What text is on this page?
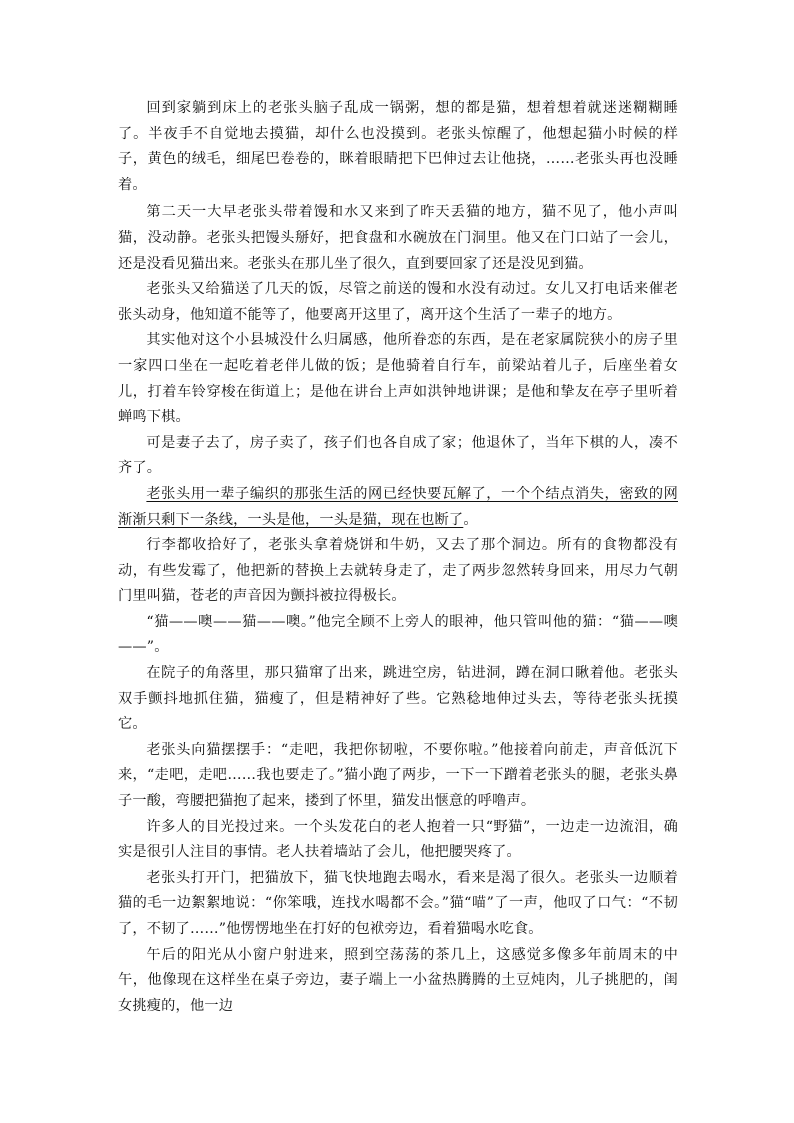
回到家躺到床上的老张头脑子乱成一锅粥，想的都是猫，想着想着就迷迷糊糊睡了。半夜手不自觉地去摸猫，却什么也没摸到。老张头惊醒了，他想起猫小时候的样子，黄色的绒毛，细尾巴卷卷的，眯着眼睛把下巴伸过去让他挠，……老张头再也没睡着。

第二天一大早老张头带着馒和水又来到了昨天丢猫的地方，猫不见了，他小声叫猫，没动静。老张头把馒头掰好，把食盘和水碗放在门洞里。他又在门口站了一会儿，还是没看见猫出来。老张头在那儿坐了很久，直到要回家了还是没见到猫。

老张头又给猫送了几天的饭，尽管之前送的馒和水没有动过。女儿又打电话来催老张头动身，他知道不能等了，他要离开这里了，离开这个生活了一辈子的地方。

其实他对这个小县城没什么归属感，他所眷恋的东西，是在老家属院狭小的房子里一家四口坐在一起吃着老伴儿做的饭；是他骑着自行车，前梁站着儿子，后座坐着女儿，打着车铃穿梭在街道上；是他在讲台上声如洪钟地讲课；是他和挚友在亭子里听着蝉鸣下棋。

可是妻子去了，房子卖了，孩子们也各自成了家；他退休了，当年下棋的人，凑不齐了。

老张头用一辈子编织的那张生活的网已经快要瓦解了，一个个结点消失，密致的网渐渐只剩下一条线，一头是他，一头是猫，现在也断了。

行李都收拾好了，老张头拿着烧饼和牛奶，又去了那个洞边。所有的食物都没有动，有些发霉了，他把新的替换上去就转身走了，走了两步忽然转身回来，用尽力气朝门里叫猫，苍老的声音因为颤抖被拉得极长。

“猫——噢——猫——噢。”他完全顾不上旁人的眼神，他只管叫他的猫：“猫——噢——”。

在院子的角落里，那只猫窜了出来，跳进空房，钻进洞，蹲在洞口瞅着他。老张头双手颤抖地抓住猫，猫瘦了，但是精神好了些。它熟稔地伸过头去，等待老张头抚摸它。

老张头向猫摆摆手：“走吧，我把你韧啦，不要你啦。”他接着向前走，声音低沉下来，“走吧，走吧……我也要走了。”猫小跑了两步，一下一下蹭着老张头的腿，老张头鼻子一酸，弯腰把猫抱了起来，搂到了怀里，猫发出惬意的呼噜声。

许多人的目光投过来。一个头发花白的老人抱着一只“野猫”，一边走一边流泪，确实是很引人注目的事情。老人扶着墙站了会儿，他把腰哭疼了。

老张头打开门，把猫放下，猫飞快地跑去喝水，看来是渴了很久。老张头一边顺着猫的毛一边絮絮地说：“你笨哦，连找水喝都不会。”猫“喵”了一声，他叹了口气：“不韧了，不韧了……”他愣愣地坐在打好的包袱旁边，看着猫喝水吃食。

午后的阳光从小窗户射进来，照到空荡荡的茶几上，这感觉多像多年前周末的中午，他像现在这样坐在桌子旁边，妻子端上一小盆热腾腾的土豆炖肉，儿子挑肥的，闺女挑瘦的，他一边
